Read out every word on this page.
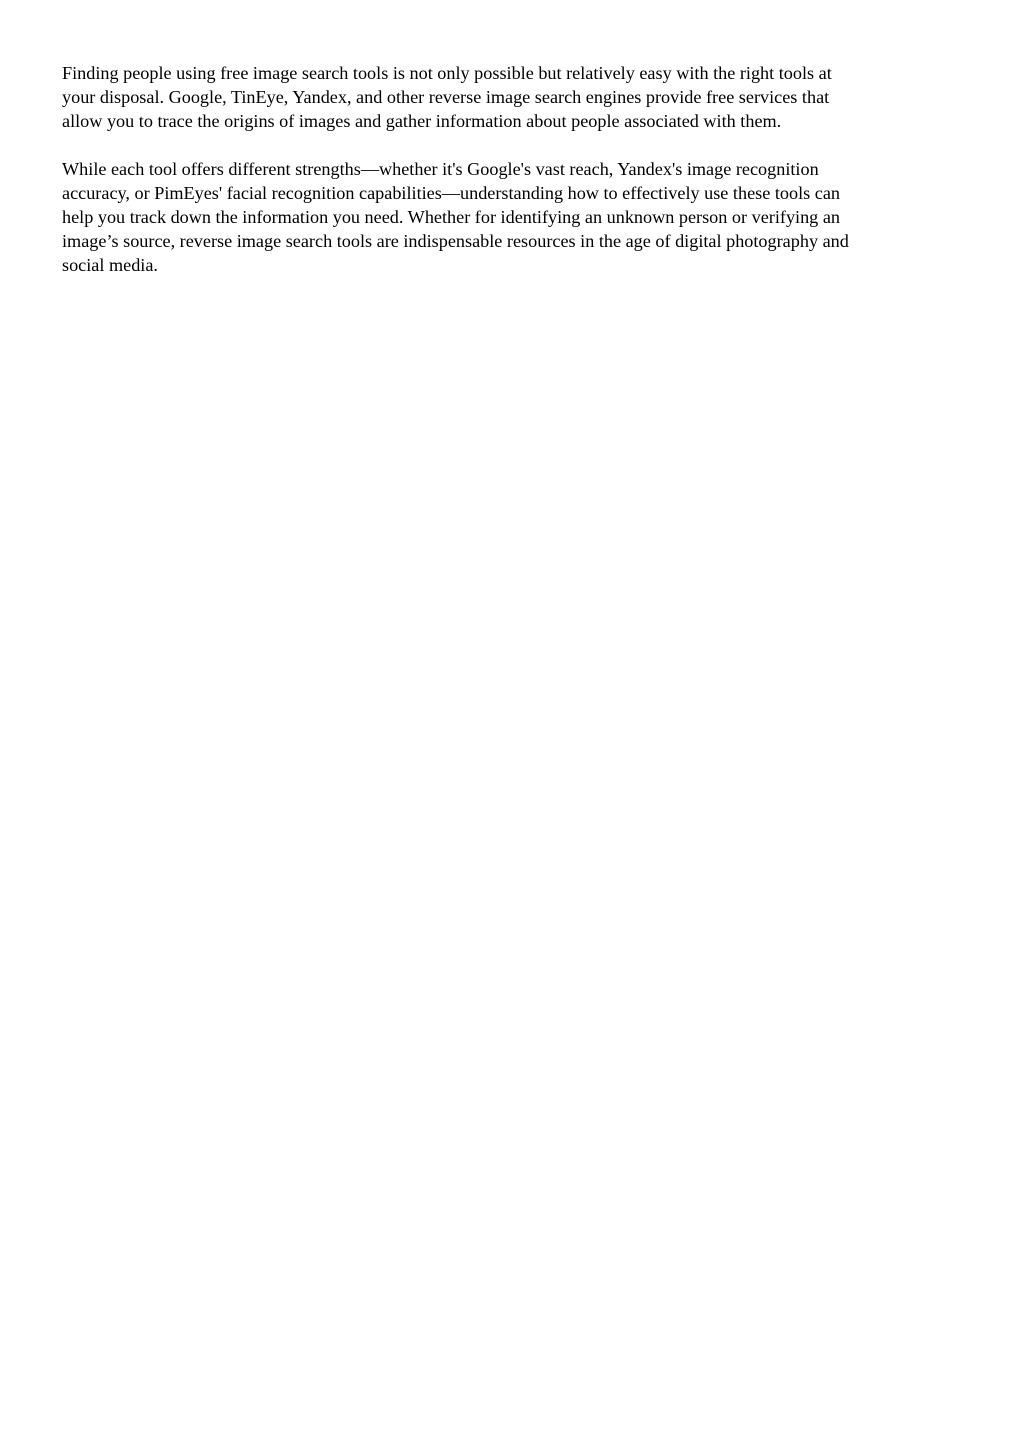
Finding people using free image search tools is not only possible but relatively easy with the right tools at
your disposal. Google, TinEye, Yandex, and other reverse image search engines provide free services that
allow you to trace the origins of images and gather information about people associated with them.

While each tool offers different strengths—whether it's Google's vast reach, Yandex's image recognition
accuracy, or PimEyes' facial recognition capabilities—understanding how to effectively use these tools can
help you track down the information you need. Whether for identifying an unknown person or verifying an
image’s source, reverse image search tools are indispensable resources in the age of digital photography and
social media.
